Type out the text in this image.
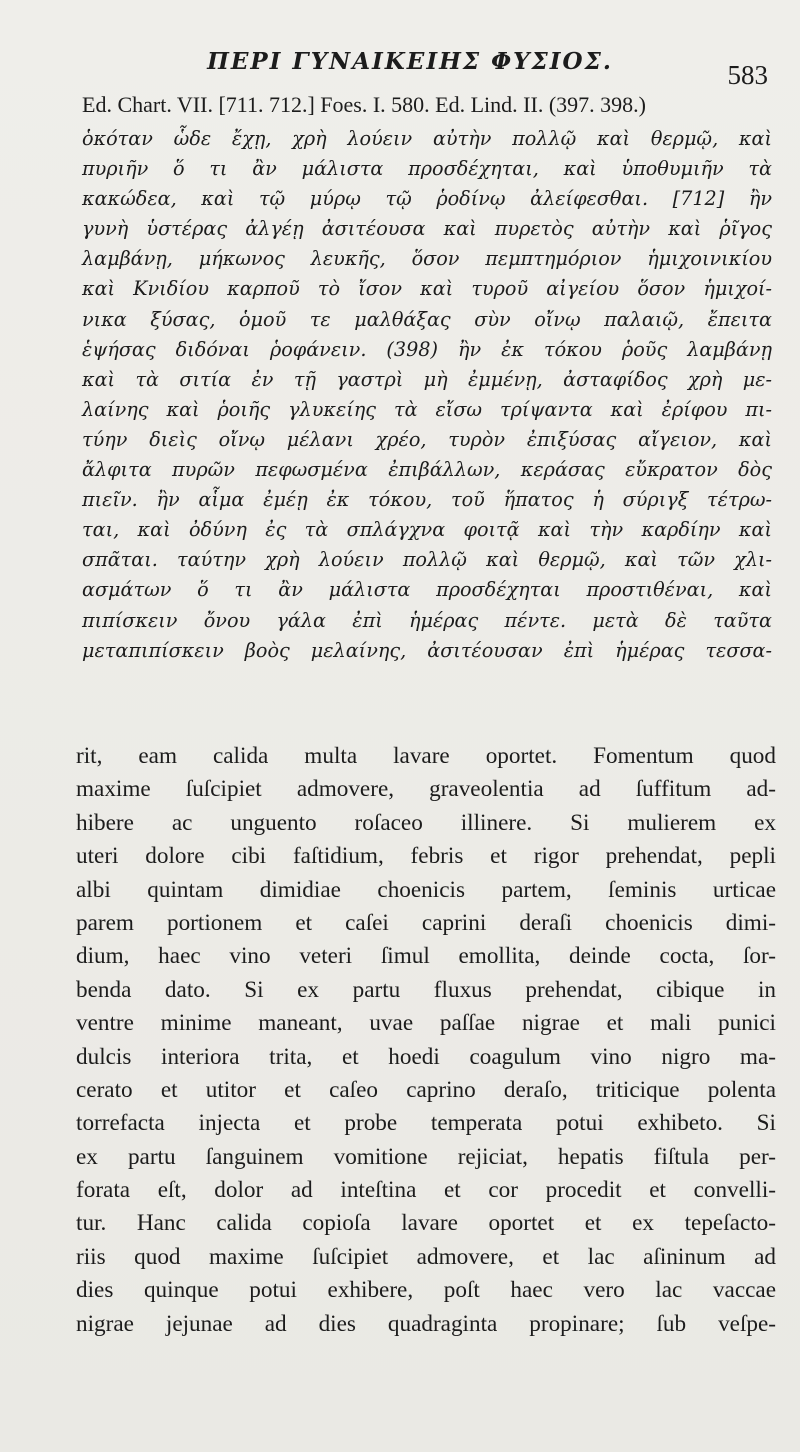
ΠΕΡΙ ΓΥΝΑΙΚΕΙΗΣ ΦΥΣΙΟΣ.	583
Ed. Chart. VII. [711. 712.] Foes. I. 580. Ed. Lind. II. (397. 398.)
ὁκόταν ὧδε ἔχῃ, χρὴ λούειν αὐτὴν πολλῷ καὶ θερμῷ, καὶ
πυριῆν ὅ τι ἂν μάλιστα προσδέχηται, καὶ ὑποθυμιῆν τὰ
κακώδεα, καὶ τῷ μύρῳ τῷ ῥοδίνῳ ἀλείφεσθαι. [712] ἢν
γυνὴ ὑστέρας ἀλγέῃ ἀσιτέουσα καὶ πυρετὸς αὐτὴν καὶ ῥῖγος
λαμβάνῃ, μήκωνος λευκῆς, ὅσον πεμπτημόριον ἡμιχοινικίου
καὶ Κνιδίου καρποῦ τὸ ἴσον καὶ τυροῦ αἰγείου ὅσον ἡμιχοί-
νικα ξύσας, ὁμοῦ τε μαλθάξας σὺν οἴνῳ παλαιῷ, ἔπειτα
ἑψήσας διδόναι ῥοφάνειν. (398) ἢν ἐκ τόκου ῥοῦς λαμβάνῃ
καὶ τὰ σιτία ἐν τῇ γαστρὶ μὴ ἐμμένῃ, ἀσταφίδος χρὴ με-
λαίνης καὶ ῥοιῆς γλυκείης τὰ εἴσω τρίψαντα καὶ ἐρίφου πι-
τύην διεὶς οἴνῳ μέλανι χρέο, τυρὸν ἐπιξύσας αἴγειον, καὶ
ἄλφιτα πυρῶν πεφωσμένα ἐπιβάλλων, κεράσας εὔκρατον δὸς
πιεῖν. ἢν αἷμα ἐμέῃ ἐκ τόκου, τοῦ ἥπατος ἡ σύριγξ τέτρω-
ται, καὶ ὀδύνη ἐς τὰ σπλάγχνα φοιτᾷ καὶ τὴν καρδίην καὶ
σπᾶται. ταύτην χρὴ λούειν πολλῷ καὶ θερμῷ, καὶ τῶν χλι-
ασμάτων ὅ τι ἂν μάλιστα προσδέχηται προστιθέναι, καὶ
πιπίσκειν ὄνου γάλα ἐπὶ ἡμέρας πέντε. μετὰ δὲ ταῦτα
μεταπιπίσκειν βοὸς μελαίνης, ἀσιτέουσαν ἐπὶ ἡμέρας τεσσα-
rit, eam calida multa lavare oportet. Fomentum quod
maxime ſuſcipiet admovere, graveolentia ad ſuffitum ad-
hibere ac unguento roſaceo illinere. Si mulierem ex
uteri dolore cibi faſtidium, febris et rigor prehendat, pepli
albi quintam dimidiae choenicis partem, ſeminis urticae
parem portionem et caſei caprini deraſi choenicis dimi-
dium, haec vino veteri ſimul emollita, deinde cocta, ſor-
benda dato. Si ex partu fluxus prehendat, cibique in
ventre minime maneant, uvae paſſae nigrae et mali punici
dulcis interiora trita, et hoedi coagulum vino nigro ma-
cerato et utitor et caſeo caprino deraſo, triticique polenta
torrefacta injecta et probe temperata potui exhibeto. Si
ex partu ſanguinem vomitione rejiciat, hepatis fiſtula per-
forata eſt, dolor ad inteſtina et cor procedit et convelli-
tur. Hanc calida copioſa lavare oportet et ex tepeſacto-
riis quod maxime ſuſcipiet admovere, et lac aſininum ad
dies quinque potui exhibere, poſt haec vero lac vaccae
nigrae jejunae ad dies quadraginta propinare; ſub veſpe-
